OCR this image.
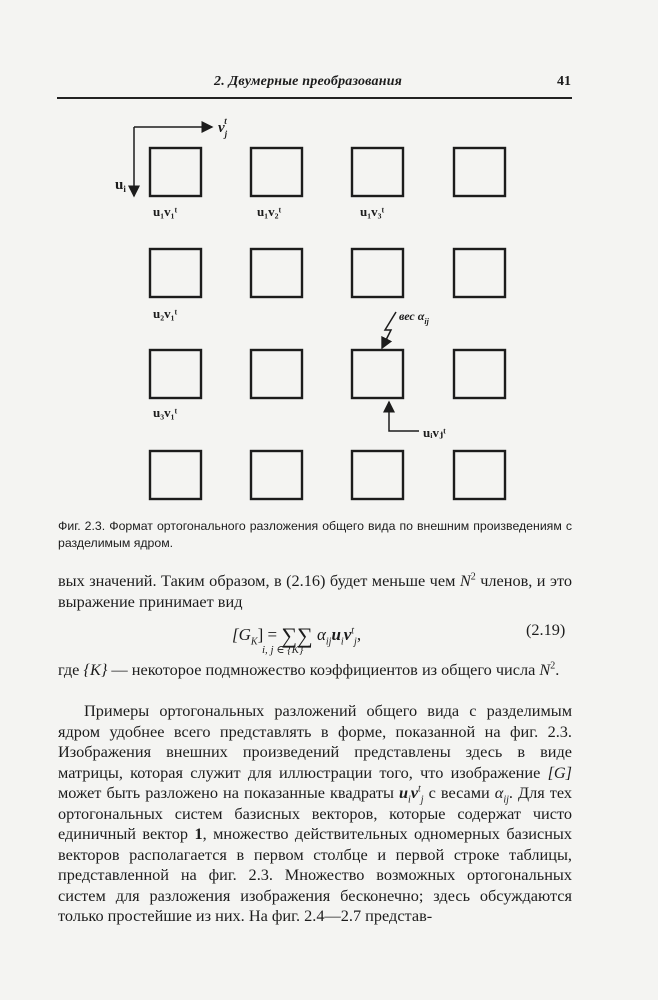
2. Двумерные преобразования	41
$v_jt$
$u_i$
u₁v₁ᵗ	u₁v₂ᵗ	u₁v₃ᵗ
u₂v₁ᵗ
u₃v₁ᵗ
вес $\alpha_{ij}$
uᵢvⱼᵗ
Фиг. 2.3. Формат ортогонального разложения общего вида по внешним произведениям с разделимым ядром.

вых значений. Таким образом, в (2.16) будет меньше чем $N^2$ членов, и это выражение принимает вид

$[G_K]$ = ∑∑ $\alpha_{ij}u_iv^t_j$,
i, j ∈ {K}
(2.19)

где {K} — некоторое подмножество коэффициентов из общего числа $N^2$.

Примеры ортогональных разложений общего вида с разделимым ядром удобнее всего представлять в форме, показанной на фиг. 2.3. Изображения внешних произведений представлены здесь в виде матрицы, которая служит для иллюстрации того, что изображение [G] может быть разложено на показанные квадраты $u_iv^t_j$ с весами $\alpha_{ij}$. Для тех ортогональных систем базисных векторов, которые содержат чисто единичный вектор 1, множество действительных одномерных базисных векторов располагается в первом столбце и первой строке таблицы, представленной на фиг. 2.3. Множество возможных ортогональных систем для разложения изображения бесконечно; здесь обсуждаются только простейшие из них. На фиг. 2.4—2.7 представ-
